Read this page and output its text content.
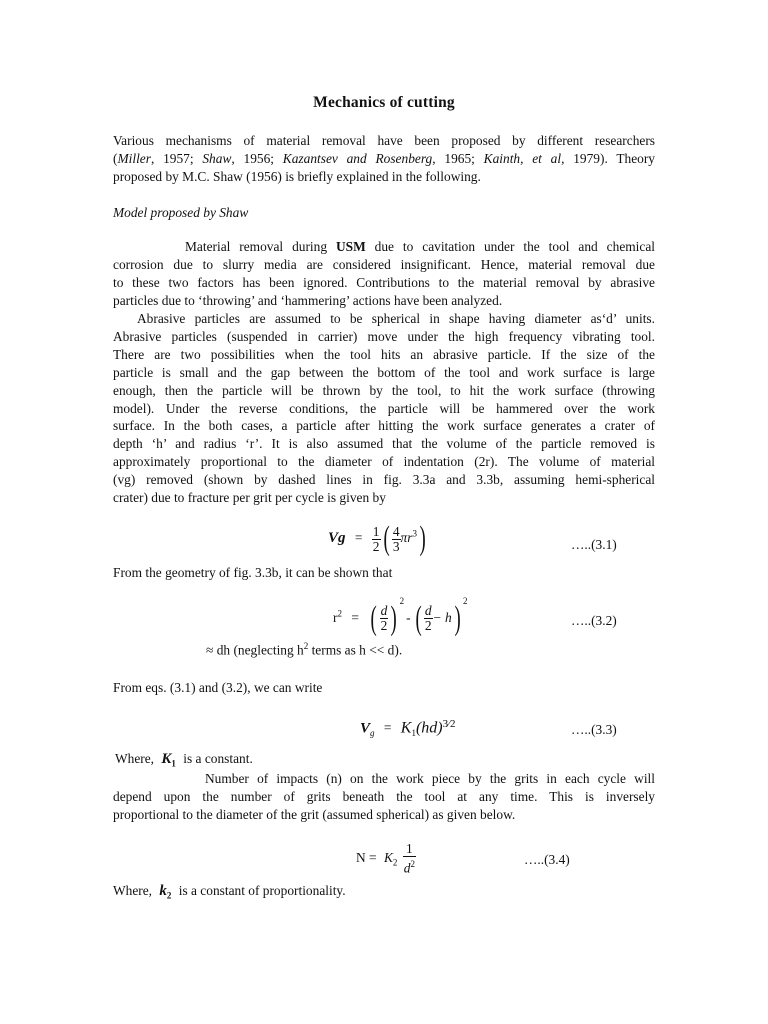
Mechanics of cutting
Various mechanisms of material removal have been proposed by different researchers
(Miller, 1957; Shaw, 1956; Kazantsev and Rosenberg, 1965; Kainth, et al, 1979). Theory
proposed by M.C. Shaw (1956) is briefly explained in the following.
Model proposed by Shaw
Material removal during USM due to cavitation under the tool and chemical
corrosion due to slurry media are considered insignificant. Hence, material removal due
to these two factors has been ignored. Contributions to the material removal by abrasive
particles due to ‘throwing’ and ‘hammering’ actions have been analyzed.
Abrasive particles are assumed to be spherical in shape having diameter as‘d’ units.
Abrasive particles (suspended in carrier) move under the high frequency vibrating tool.
There are two possibilities when the tool hits an abrasive particle. If the size of the
particle is small and the gap between the bottom of the tool and work surface is large
enough, then the particle will be thrown by the tool, to hit the work surface (throwing
model). Under the reverse conditions, the particle will be hammered over the work
surface. In the both cases, a particle after hitting the work surface generates a crater of
depth ‘h’ and radius ‘r’. It is also assumed that the volume of the particle removed is
approximately proportional to the diameter of indentation (2r). The volume of material
(vg) removed (shown by dashed lines in fig. 3.3a and 3.3b, assuming hemi-spherical
crater) due to fracture per grit per cycle is given by
$Vg = \frac{1}{2}$ ( $\frac{4}{3} \pi r^3$)	…..(3.1)
From the geometry of fig. 3.3b, it can be shown that
$r^2$ = ( $\frac{d}{2}$ ) $^2$- ( $\frac{d}{2} - h$) $^2$
…..(3.2)
≈ dh (neglecting $h^2$ terms as h << d).
From eqs. (3.1) and (3.2), we can write
$V_g = K_1(hd)^{3⁄2}$	…..(3.3)
Where, $K_1$ is a constant.
Number of impacts (n) on the work piece by the grits in each cycle will
depend upon the number of grits beneath the tool at any time. This is inversely
proportional to the diameter of the grit (assumed spherical) as given below.
$N = K_2 \frac{1}{d^2}$	…..(3.4)
Where, $k_2$ is a constant of proportionality.
